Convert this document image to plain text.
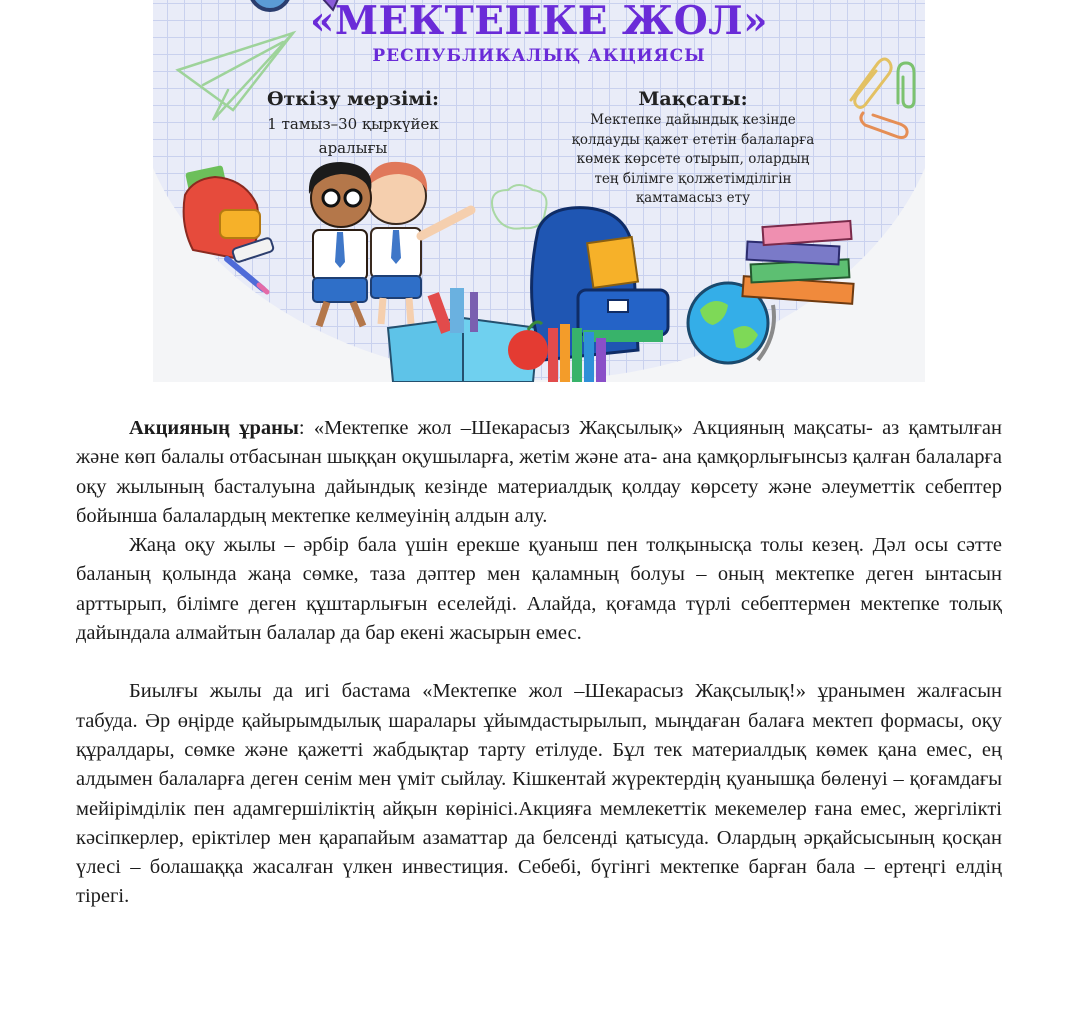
«МЕКТЕПКЕ ЖОЛ»
РЕСПУБЛИКАЛЫҚ АКЦИЯСЫ
Өткізу мерзімі:
1 тамыз–30 қыркүйек
аралығы
Мақсаты:
Мектепке дайындық кезінде
қолдауды қажет ететін балаларға
көмек көрсете отырып, олардың
тең білімге қолжетімділігін
қамтамасыз ету

Акцияның ұраны: «Мектепке жол –Шекарасыз Жақсылық» Акцияның мақсаты- аз қамтылған және көп балалы отбасынан шыққан оқушыларға, жетім және ата- ана қамқорлығынсыз қалған балаларға оқу жылының басталуына дайындық кезінде материалдық қолдау көрсету және әлеуметтік себептер бойынша балалардың мектепке келмеуінің алдын алу.

Жаңа оқу жылы – әрбір бала үшін ерекше қуаныш пен толқынысқа толы кезең. Дәл осы сәтте баланың қолында жаңа сөмке, таза дәптер мен қаламның болуы – оның мектепке деген ынтасын арттырып, білімге деген құштарлығын еселейді. Алайда, қоғамда түрлі себептермен мектепке толық дайындала алмайтын балалар да бар екені жасырын емес.

Биылғы жылы да игі бастама «Мектепке жол –Шекарасыз Жақсылық!» ұранымен жалғасын табуда. Әр өңірде қайырымдылық шаралары ұйымдастырылып, мыңдаған балаға мектеп формасы, оқу құралдары, сөмке және қажетті жабдықтар тарту етілуде. Бұл тек материалдық көмек қана емес, ең алдымен балаларға деген сенім мен үміт сыйлау. Кішкентай жүректердің қуанышқа бөленуі – қоғамдағы мейірімділік пен адамгершіліктің айқын көрінісі.Акцияға мемлекеттік мекемелер ғана емес, жергілікті кәсіпкерлер, еріктілер мен қарапайым азаматтар да белсенді қатысуда. Олардың әрқайсысының қосқан үлесі – болашаққа жасалған үлкен инвестиция. Себебі, бүгінгі мектепке барған бала – ертеңгі елдің тірегі.
